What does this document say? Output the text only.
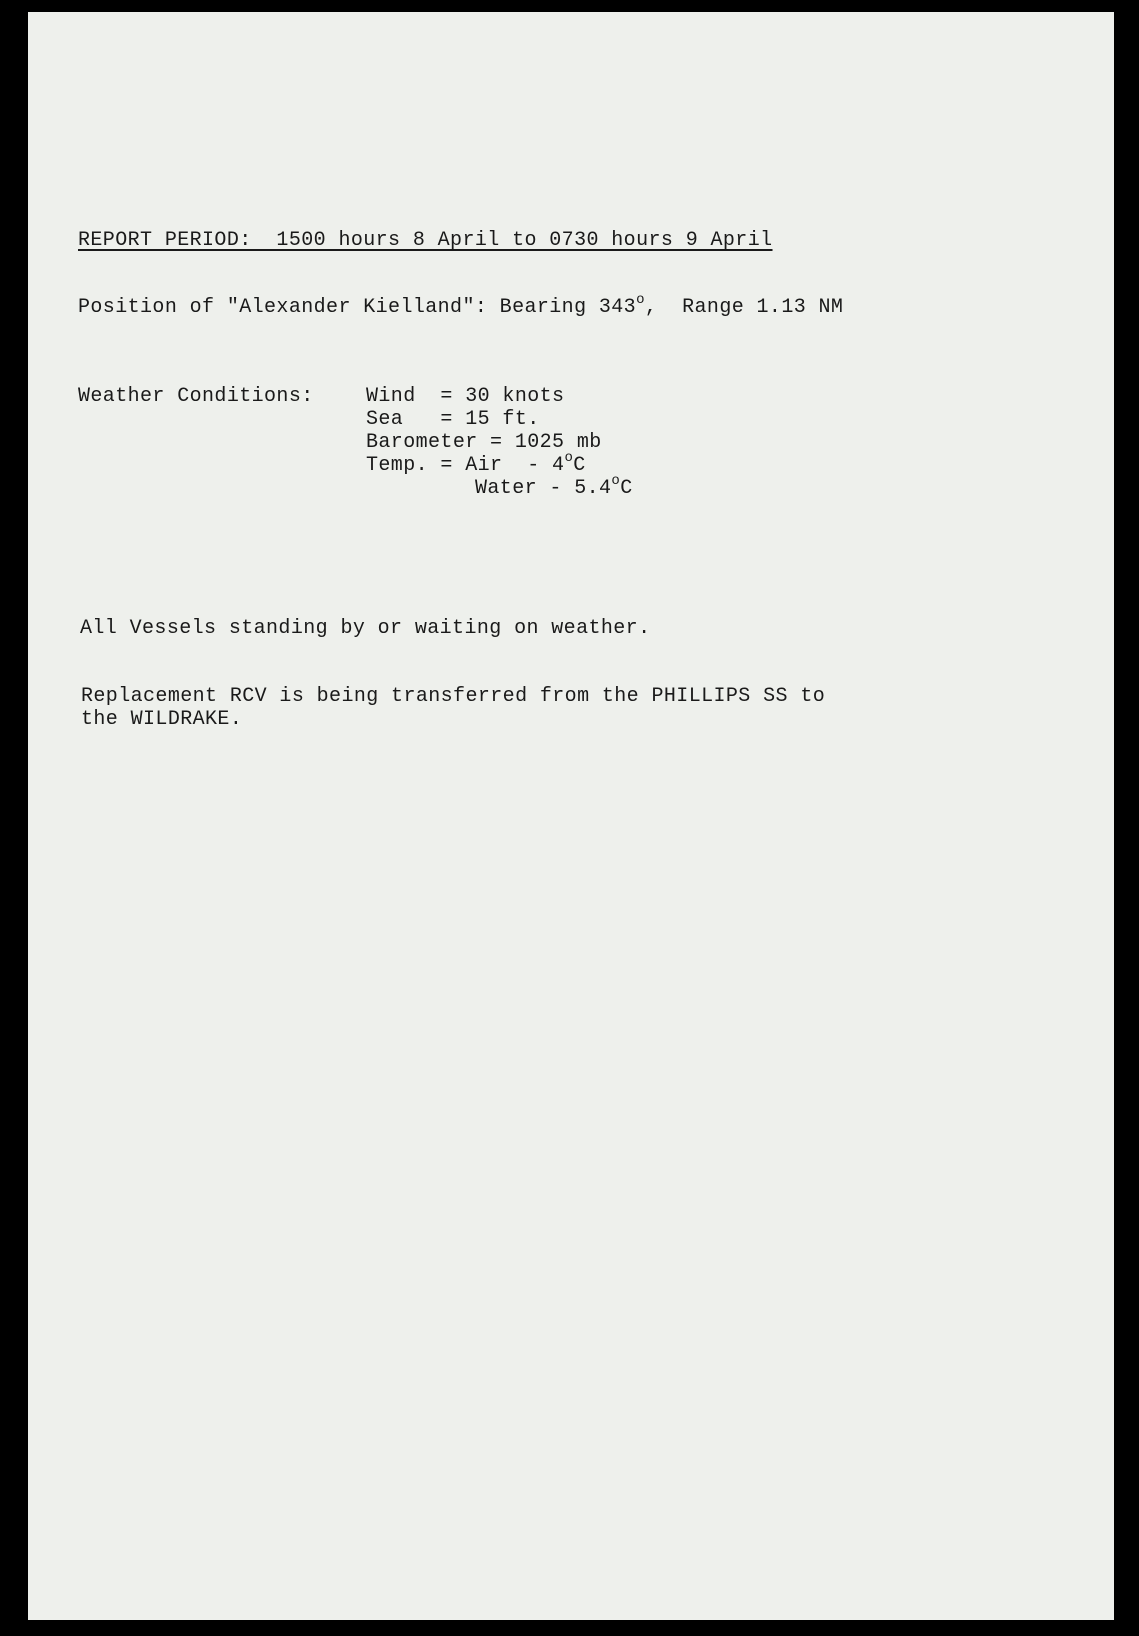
REPORT PERIOD:  1500 hours 8 April to 0730 hours 9 April
Position of "Alexander Kielland": Bearing 343$^o$,  Range 1.13 NM
Weather Conditions:	Wind  = 30 knots
Sea   = 15 ft.
Barometer = 1025 mb
Temp. = Air  - 4$^o$C
Water - 5.4$^o$C
All Vessels standing by or waiting on weather.
Replacement RCV is being transferred from the PHILLIPS SS to
the WILDRAKE.
